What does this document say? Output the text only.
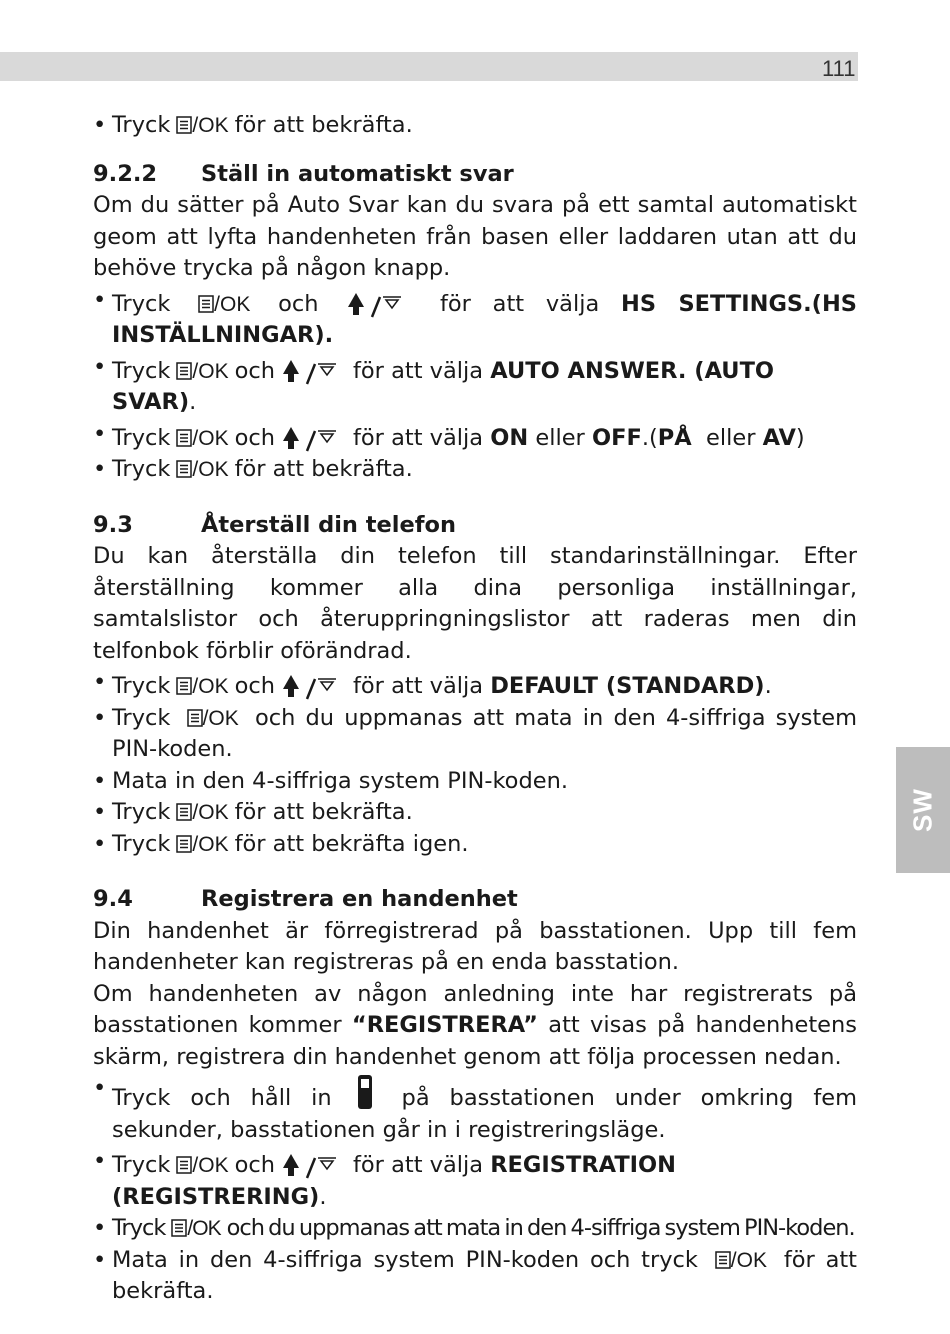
111
SW

• Tryck /OK för att bekräfta.

9.2.2	Ställ in automatiskt svar

Om du sätter på Auto Svar kan du svara på ett samtal automatiskt geom att lyfta handenheten från basen eller laddaren utan att du behöve trycka på någon knapp.

• Tryck /OK och	för att välja HS SETTINGS.(HS INSTÄLLNINGAR).

• Tryck /OK och	för att välja AUTO ANSWER. (AUTO SVAR).

• Tryck /OK och	för att välja ON eller OFF.(PÅ eller AV)

• Tryck /OK för att bekräfta.

9.3	Återställ din telefon

Du kan återställa din telefon till standarinställningar. Efter återställning kommer alla dina personliga inställningar, samtalslistor och återuppringningslistor att raderas men din telfonbok förblir oförändrad.

• Tryck /OK och	för att välja DEFAULT (STANDARD).

• Tryck /OK och du uppmanas att mata in den 4-siffriga system PIN-koden.

• Mata in den 4-siffriga system PIN-koden.

• Tryck /OK för att bekräfta.

• Tryck /OK för att bekräfta igen.

9.4	Registrera en handenhet

Din handenhet är förregistrerad på basstationen. Upp till fem handenheter kan registreras på en enda basstation.

Om handenheten av någon anledning inte har registrerats på basstationen kommer “REGISTRERA” att visas på handenhetens skärm, registrera din handenhet genom att följa processen nedan.

• Tryck och håll in	på basstationen under omkring fem sekunder, basstationen går in i registreringsläge.

• Tryck /OK och	för att välja REGISTRATION (REGISTRERING).

• Tryck /OK och du uppmanas att mata in den 4-siffriga system PIN-koden.

• Mata in den 4-siffriga system PIN-koden och tryck /OK för att bekräfta.
